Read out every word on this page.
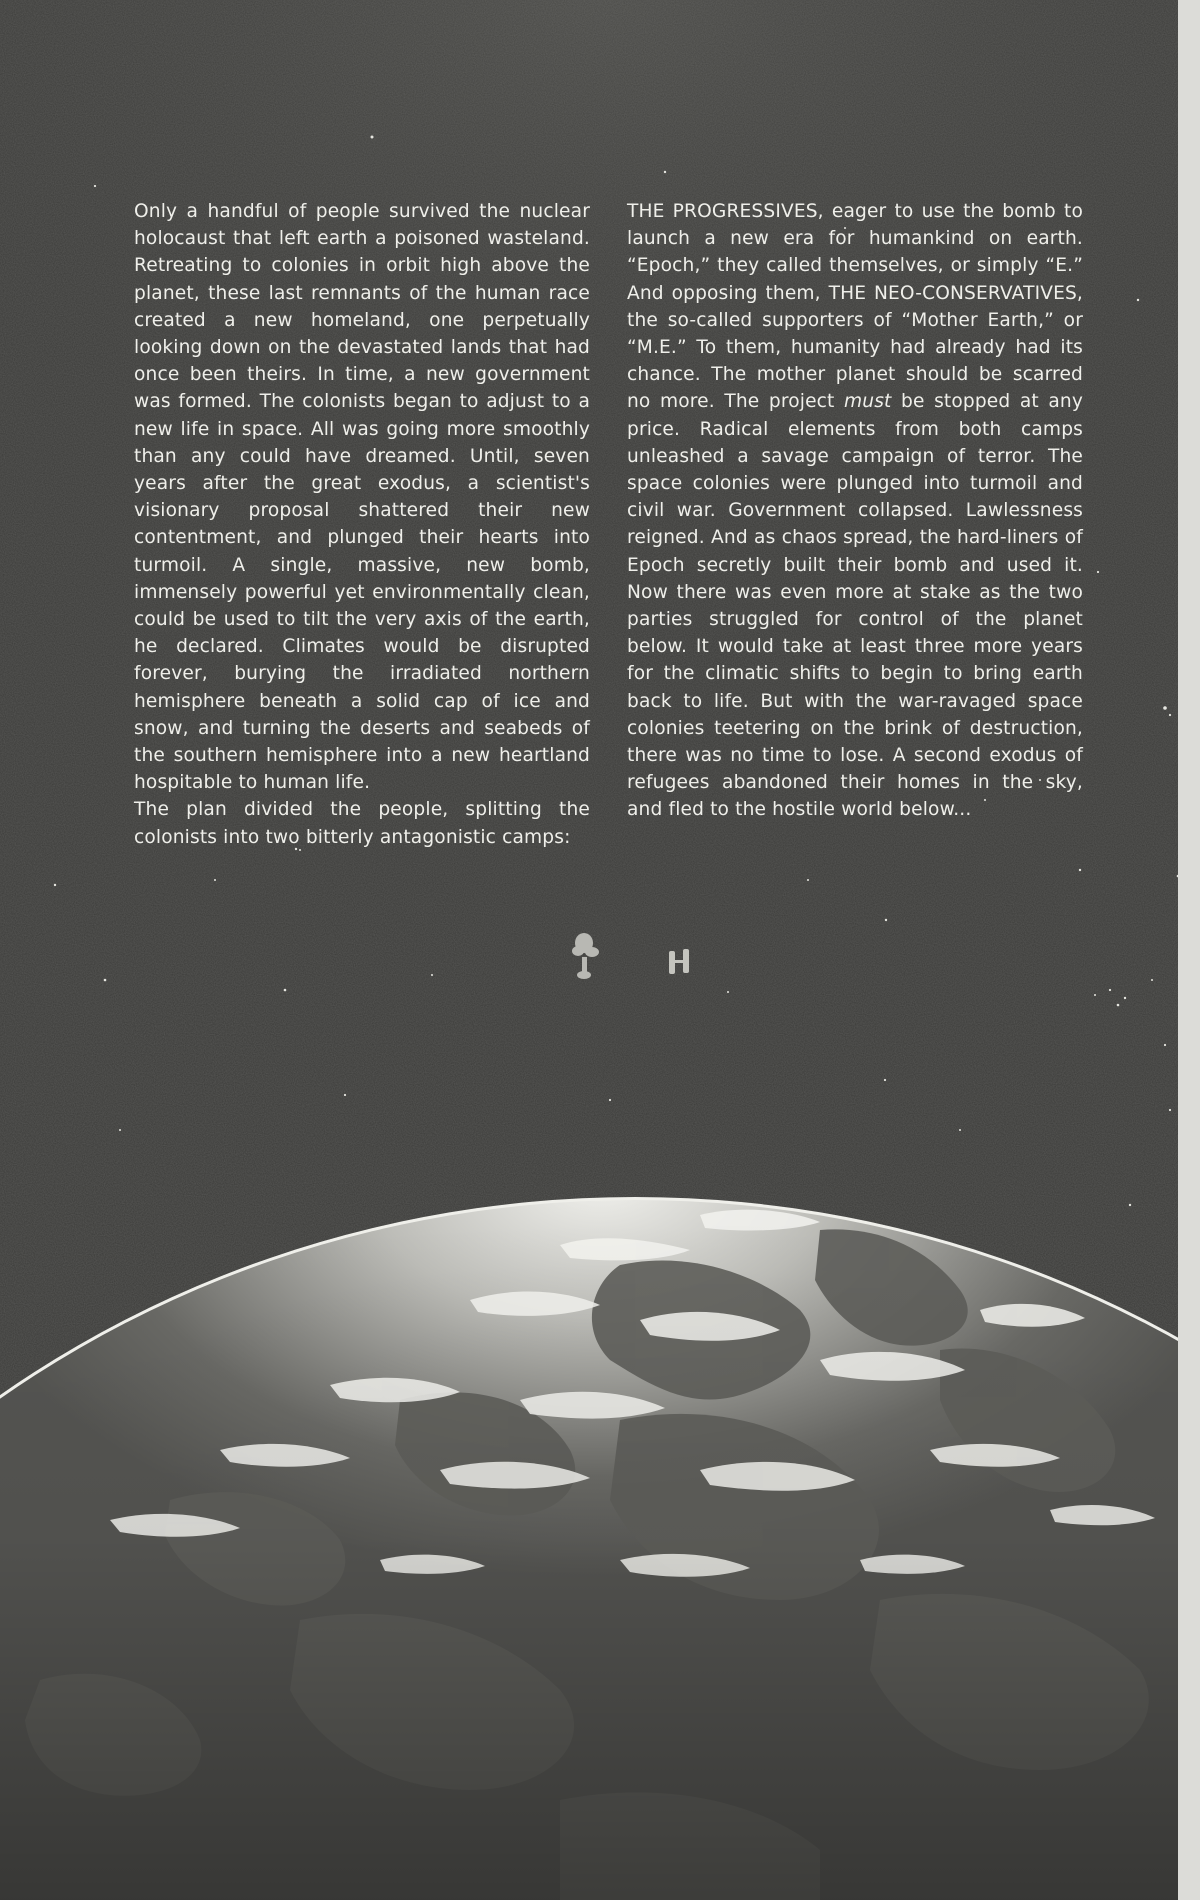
Only a handful of people survived the nuclear holocaust that left earth a poisoned wasteland. Retreating to colonies in orbit high above the planet, these last remnants of the human race created a new homeland, one perpetually looking down on the devastated lands that had once been theirs. In time, a new government was formed. The colonists began to adjust to a new life in space. All was going more smoothly than any could have dreamed. Until, seven years after the great exodus, a scientist's visionary proposal shattered their new contentment, and plunged their hearts into turmoil. A single, massive, new bomb, immensely powerful yet environmentally clean, could be used to tilt the very axis of the earth, he declared. Climates would be disrupted forever, burying the irradiated northern hemisphere beneath a solid cap of ice and snow, and turning the deserts and seabeds of the southern hemisphere into a new heartland hospitable to human life.

The plan divided the people, splitting the colonists into two bitterly antagonistic camps:

THE PROGRESSIVES, eager to use the bomb to launch a new era for humankind on earth. “Epoch,” they called themselves, or simply “E.” And opposing them, THE NEO-CONSERVATIVES, the so-called supporters of “Mother Earth,” or “M.E.” To them, humanity had already had its chance. The mother planet should be scarred no more. The project must be stopped at any price. Radical elements from both camps unleashed a savage campaign of terror. The space colonies were plunged into turmoil and civil war. Government collapsed. Lawlessness reigned. And as chaos spread, the hard-liners of Epoch secretly built their bomb and used it. Now there was even more at stake as the two parties struggled for control of the planet below. It would take at least three more years for the climatic shifts to begin to bring earth back to life. But with the war-ravaged space colonies teetering on the brink of destruction, there was no time to lose. A second exodus of refugees abandoned their homes in the sky, and fled to the hostile world below...
